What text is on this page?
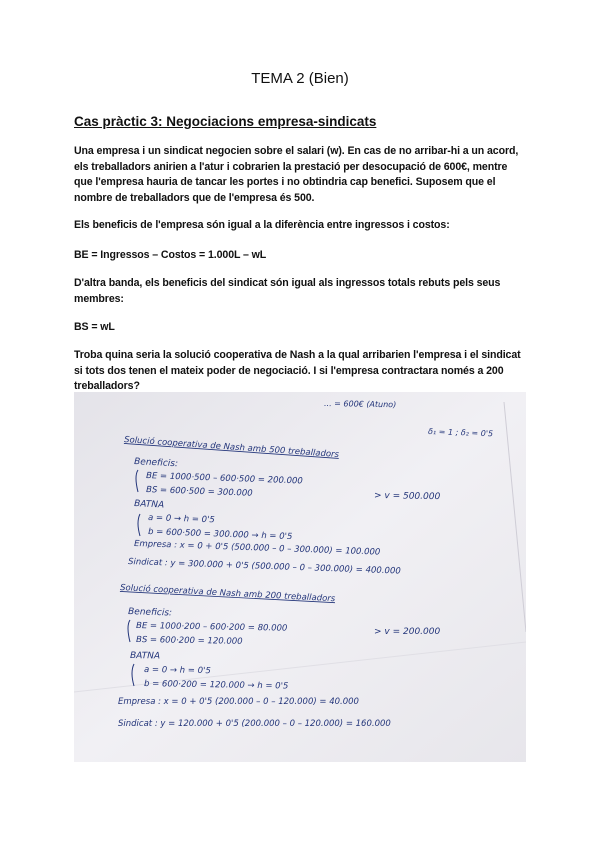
TEMA 2 (Bien)
Cas pràctic 3: Negociacions empresa-sindicats
Una empresa i un sindicat negocien sobre el salari (w). En cas de no arribar-hi a un acord, els treballadors anirien a l'atur i cobrarien la prestació per desocupació de 600€, mentre que l'empresa hauria de tancar les portes i no obtindria cap benefici. Suposem que el nombre de treballadors que de l'empresa és 500.
Els beneficis de l'empresa són igual a la diferència entre ingressos i costos:
BE = Ingressos – Costos = 1.000L – wL
D'altra banda, els beneficis del sindicat són igual als ingressos totals rebuts pels seus membres:
BS = wL
Troba quina seria la solució cooperativa de Nash a la qual arribarien l'empresa i el sindicat si tots dos tenen el mateix poder de negociació. I si l'empresa contractara només a 200 treballadors?
... = 600€ (Atuno)
δ₁ = 1 ; δ₂ = 0'5
Solució cooperativa de Nash amb 500 treballadors
Beneficis:
BE = 1000·500 – 600·500 = 200.000
BS = 600·500 = 300.000	> v = 500.000
BATNA
a = 0 → h = 0'5
b = 600·500 = 300.000 → h = 0'5
Empresa : x = 0 + 0'5 (500.000 – 0 – 300.000) = 100.000
Sindicat : y = 300.000 + 0'5 (500.000 – 0 – 300.000) = 400.000
Solució cooperativa de Nash amb 200 treballadors
Beneficis:
BE = 1000·200 – 600·200 = 80.000
BS = 600·200 = 120.000
> v = 200.000
BATNA
a = 0 → h = 0'5
b = 600·200 = 120.000 → h = 0'5
Empresa : x = 0 + 0'5 (200.000 – 0 – 120.000) = 40.000
Sindicat : y = 120.000 + 0'5 (200.000 – 0 – 120.000) = 160.000
